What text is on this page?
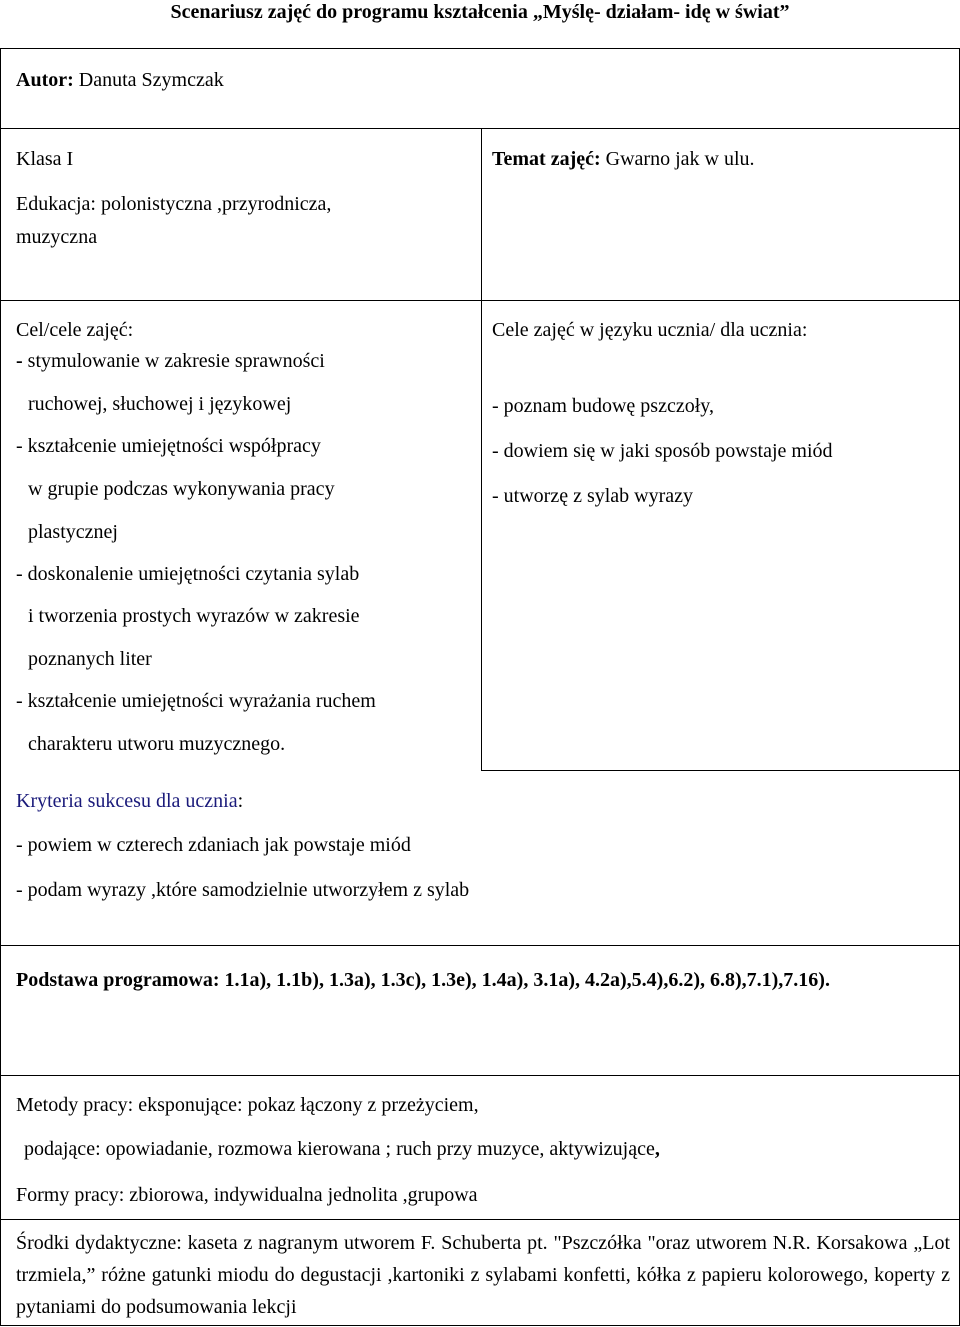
Scenariusz zajęć do programu kształcenia „Myślę- działam- idę w świat”
Autor: Danuta Szymczak
Klasa I
Edukacja: polonistyczna ,przyrodnicza,
muzyczna
Temat zajęć: Gwarno jak w ulu.
Cel/cele zajęć:
- stymulowanie w zakresie sprawności
ruchowej, słuchowej i językowej
- kształcenie umiejętności współpracy
w grupie podczas wykonywania pracy
plastycznej
- doskonalenie umiejętności czytania sylab
i tworzenia prostych wyrazów w zakresie
poznanych liter
- kształcenie umiejętności wyrażania ruchem
charakteru utworu muzycznego.
Cele zajęć w języku ucznia/ dla ucznia:
- poznam budowę pszczoły,
- dowiem się w jaki sposób powstaje miód
- utworzę z sylab wyrazy
Kryteria sukcesu dla ucznia:
- powiem w czterech zdaniach jak powstaje miód
- podam wyrazy ,które samodzielnie utworzyłem z sylab
Podstawa programowa: 1.1a), 1.1b), 1.3a), 1.3c), 1.3e), 1.4a), 3.1a), 4.2a),5.4),6.2), 6.8),7.1),7.16).
Metody pracy: eksponujące: pokaz łączony z przeżyciem,
podające: opowiadanie, rozmowa kierowana ; ruch przy muzyce, aktywizujące,
Formy pracy: zbiorowa, indywidualna jednolita ,grupowa
Środki dydaktyczne: kaseta z nagranym utworem F. Schuberta pt. "Pszczółka "oraz utworem N.R. Korsakowa „Lot trzmiela,” różne gatunki miodu do degustacji ,kartoniki z sylabami konfetti, kółka z papieru kolorowego, koperty z pytaniami do podsumowania lekcji
